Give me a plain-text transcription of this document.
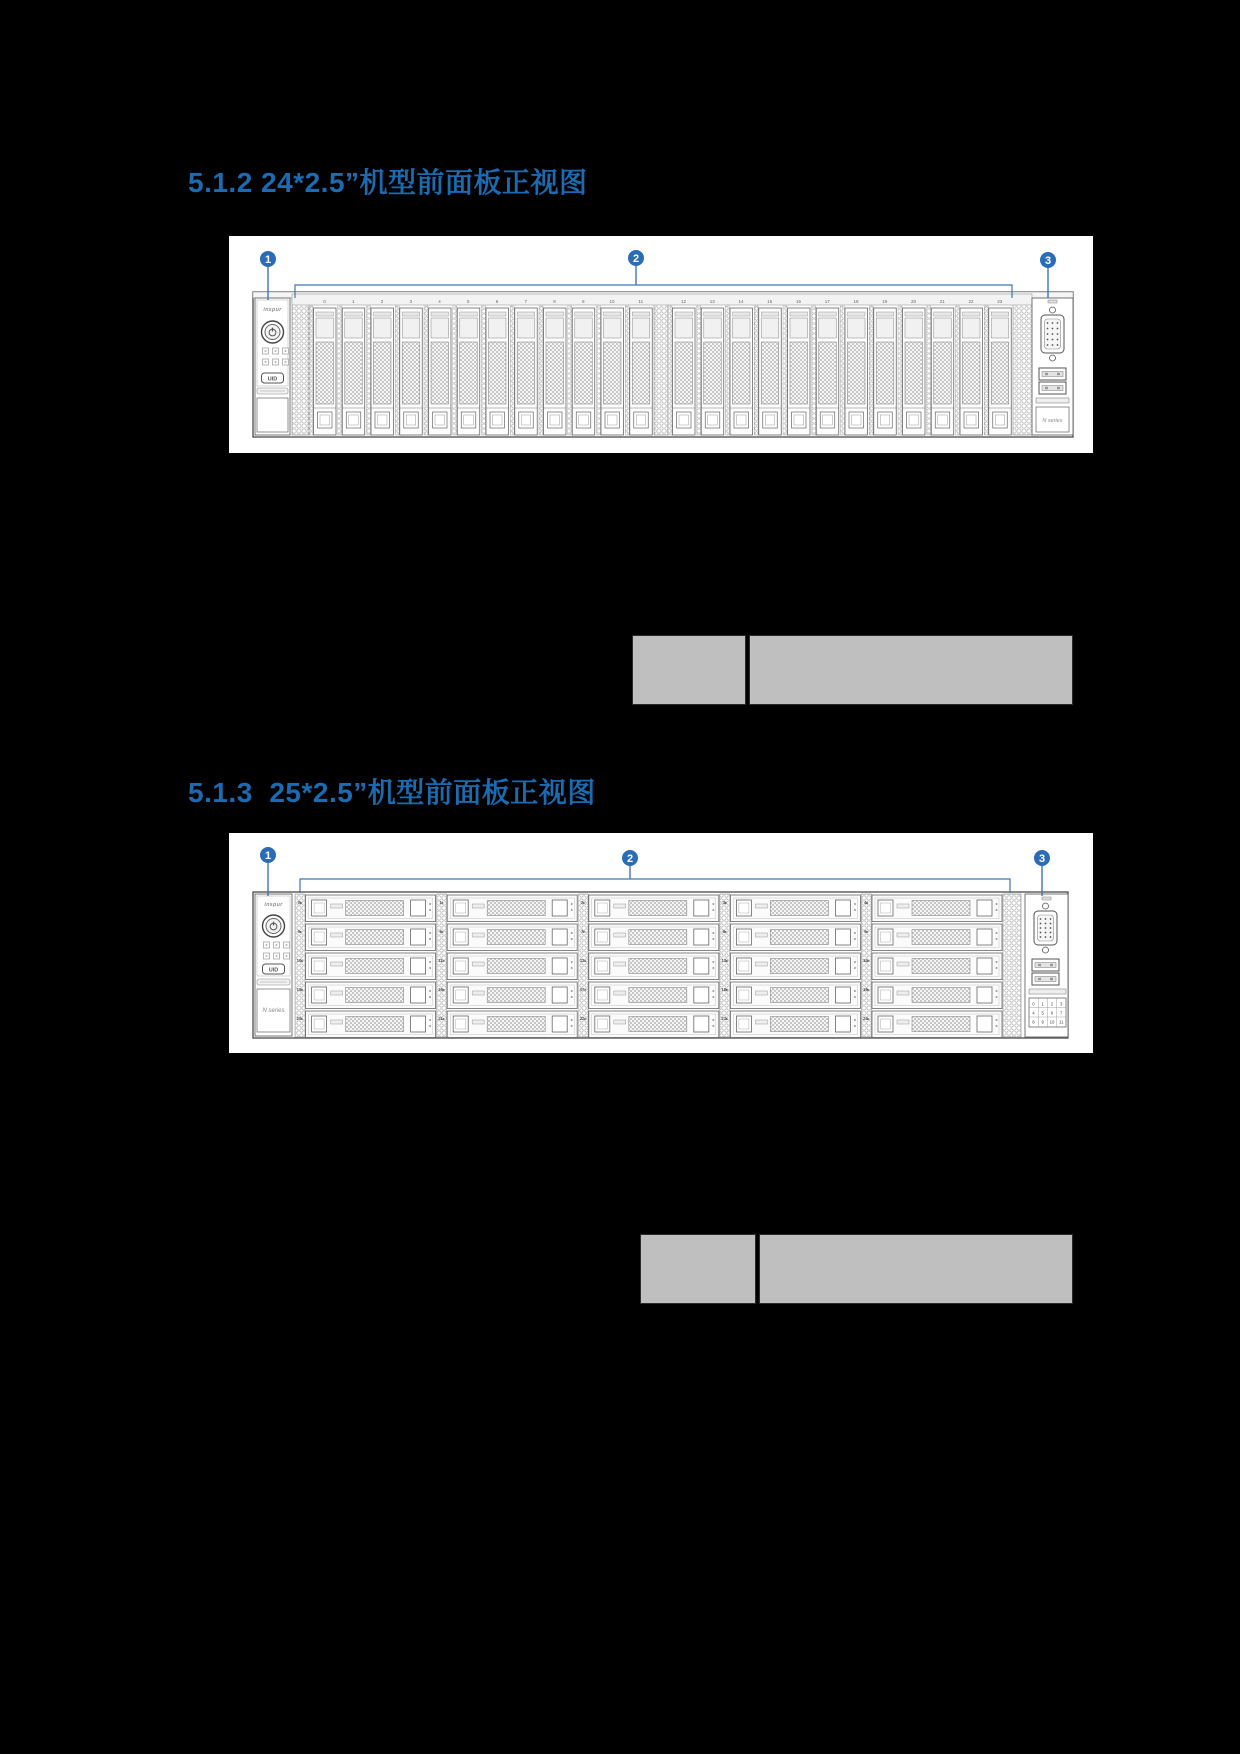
5.1.2 24*2.5”机型前面板正视图
inspur
UID
0	1	2	3	4	5	6	7	8	9	10	11	12	13	14	15	16	17	18	19	20	21	22	23
N series
1	2	3
5.1.3  25*2.5”机型前面板正视图
inspur
UID
N series
0▸
5▸
10▸
15▸
20▸
1▸
6▸
11▸
16▸
21▸
2▸
7▸
12▸
17▸
22▸
3▸
8▸
13▸
18▸
23▸
4▸
9▸
14▸
19▸
24▸
0 1 2 3
4 5 6 7
8 9 10 11
1	2	3
